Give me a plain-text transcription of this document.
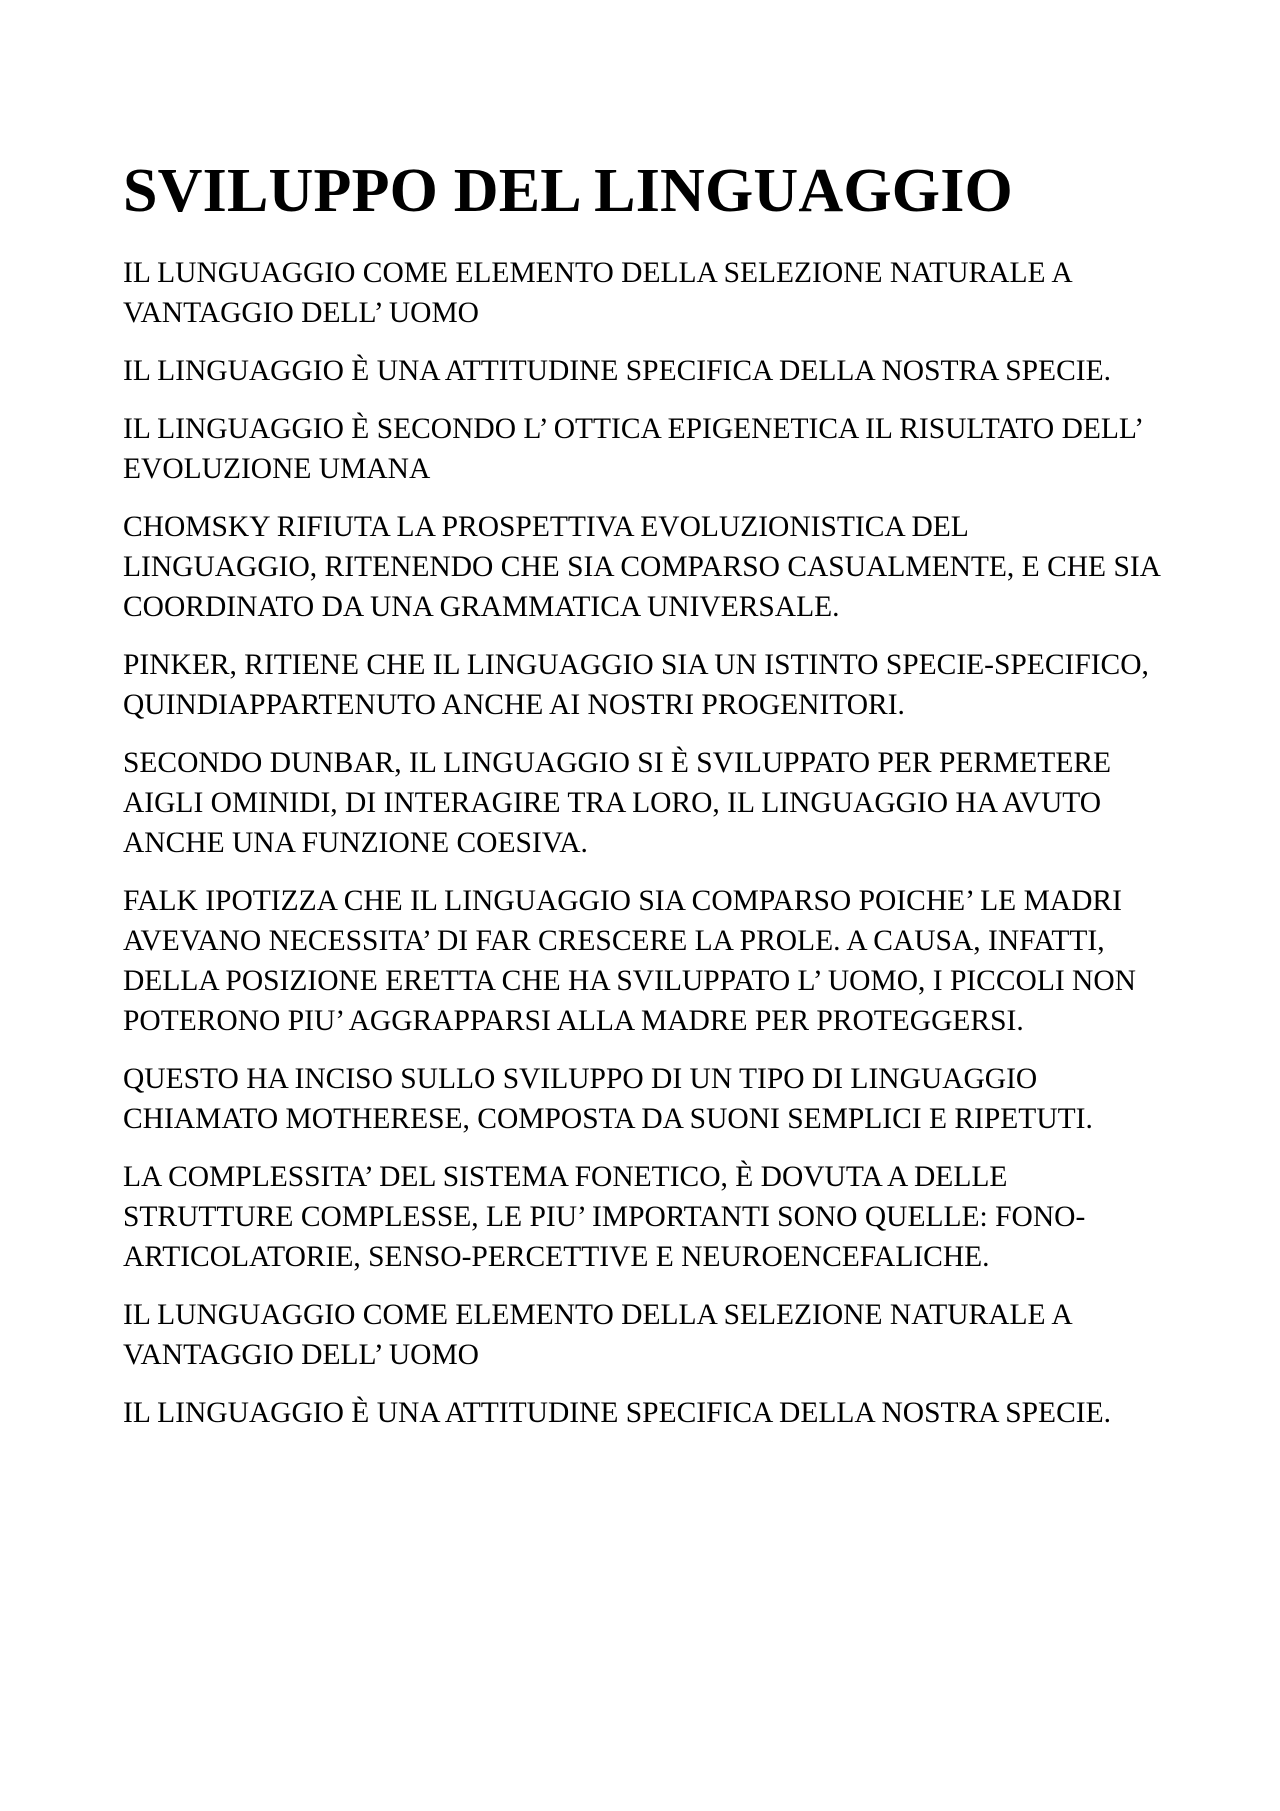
SVILUPPO DEL LINGUAGGIO

IL LUNGUAGGIO COME ELEMENTO DELLA SELEZIONE NATURALE A VANTAGGIO DELL’ UOMO

IL LINGUAGGIO È UNA ATTITUDINE SPECIFICA DELLA NOSTRA SPECIE.

IL LINGUAGGIO È SECONDO L’ OTTICA EPIGENETICA IL RISULTATO DELL’ EVOLUZIONE UMANA

CHOMSKY RIFIUTA LA PROSPETTIVA EVOLUZIONISTICA DEL LINGUAGGIO, RITENENDO CHE SIA COMPARSO CASUALMENTE, E CHE SIA COORDINATO DA UNA GRAMMATICA UNIVERSALE.

PINKER, RITIENE CHE IL LINGUAGGIO SIA UN ISTINTO SPECIE-SPECIFICO, QUINDIAPPARTENUTO ANCHE AI NOSTRI PROGENITORI.

SECONDO DUNBAR, IL LINGUAGGIO SI È SVILUPPATO PER PERMETERE AIGLI OMINIDI, DI INTERAGIRE TRA LORO, IL LINGUAGGIO HA AVUTO ANCHE UNA FUNZIONE COESIVA.

FALK IPOTIZZA CHE IL LINGUAGGIO SIA COMPARSO POICHE’ LE MADRI AVEVANO NECESSITA’ DI FAR CRESCERE LA PROLE. A CAUSA, INFATTI, DELLA POSIZIONE ERETTA CHE HA SVILUPPATO L’ UOMO, I PICCOLI NON POTERONO PIU’ AGGRAPPARSI ALLA MADRE PER PROTEGGERSI.

QUESTO HA INCISO SULLO SVILUPPO DI UN TIPO DI LINGUAGGIO CHIAMATO MOTHERESE, COMPOSTA DA SUONI SEMPLICI E RIPETUTI.

LA COMPLESSITA’ DEL SISTEMA FONETICO, È DOVUTA A DELLE STRUTTURE COMPLESSE, LE PIU’ IMPORTANTI SONO QUELLE: FONO-ARTICOLATORIE, SENSO-PERCETTIVE E NEUROENCEFALICHE.

IL LUNGUAGGIO COME ELEMENTO DELLA SELEZIONE NATURALE A VANTAGGIO DELL’ UOMO

IL LINGUAGGIO È UNA ATTITUDINE SPECIFICA DELLA NOSTRA SPECIE.
